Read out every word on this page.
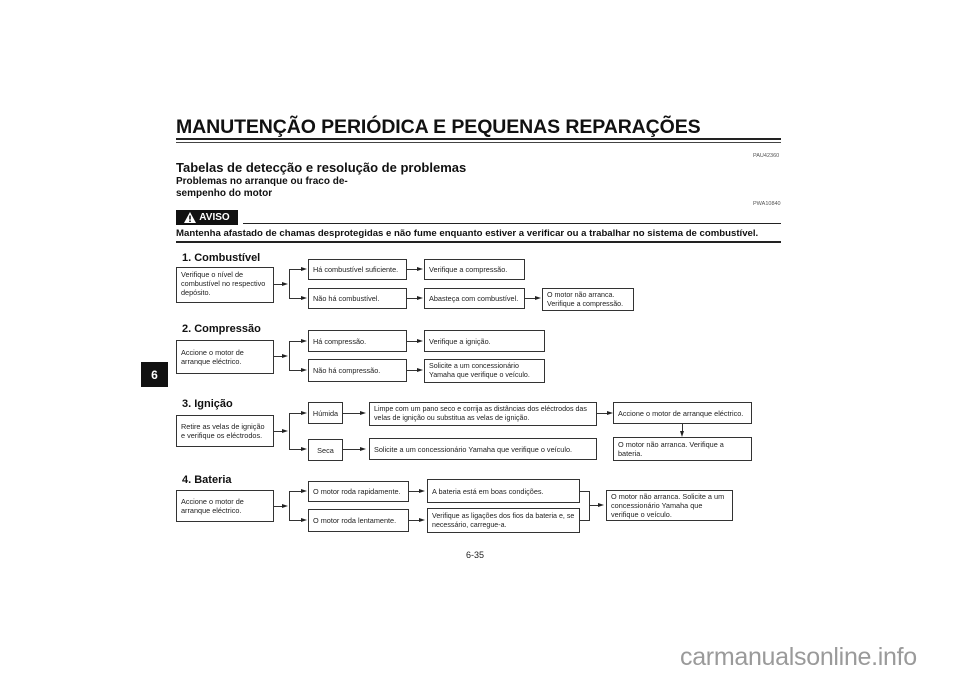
MANUTENÇÃO PERIÓDICA E PEQUENAS REPARAÇÕES
PAU42360
Tabelas de detecção e resolução de problemas
Problemas no arranque ou fraco de-
sempenho do motor
PWA10840
AVISO
Mantenha afastado de chamas desprotegidas e não fume enquanto estiver a verificar ou a trabalhar no sistema de combustível.
6
1. Combustível
Verifique o nível de combustível no respectivo depósito.
Há combustível suficiente.
Não há combustível.
Verifique a compressão.
Abasteça com combustível.	O motor não arranca. Verifique a compressão.
2. Compressão
Accione o motor de arranque eléctrico.
Há compressão.
Não há compressão.
Verifique a ignição.
Solicite a um concessionário Yamaha que verifique o veículo.
3. Ignição
Retire as velas de ignição e verifique os eléctrodos.
Húmida
Seca
Limpe com um pano seco e corrija as distâncias dos eléctrodos das velas de ignição ou substitua as velas de ignição.
Solicite a um concessionário Yamaha que verifique o veículo.
Accione o motor de arranque eléctrico.
O motor não arranca. Verifique a bateria.
4. Bateria
Accione o motor de arranque eléctrico.
O motor roda rapidamente.
O motor roda lentamente.
A bateria está em boas condições.
Verifique as ligações dos fios da bateria e, se necessário, carregue-a.
O motor não arranca. Solicite a um concessionário Yamaha que verifique o veículo.
6-35
carmanualsonline.info
